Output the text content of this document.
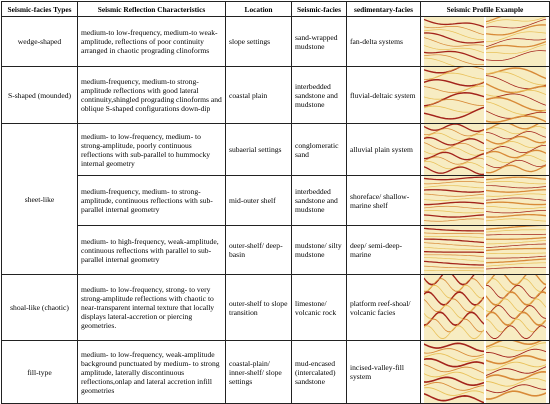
Seismic-facies Types	Seismic Reflection Characteristics	Location	Seismic-facies	sedimentary-facies	Seismic Profile Example
wedge-shaped	medium-to low-frequency, medium-to weak-amplitude, reflections of poor continuity arranged in chaotic prograding clinoforms	slope settings	sand-wrapped mudstone	fan-delta systems	

S-shaped (mounded)	medium-frequency, medium-to strong-amplitude reflections with good lateral continuity,shingled prograding clinoforms and oblique S-shaped configurations down-dip	coastal plain	interbedded sandstone and mudstone	fluvial-deltaic system	

sheet-like	medium- to low-frequency, medium- to strong-amplitude, poorly continuous reflections with sub-parallel to hummocky internal geometry	subaerial settings	conglomeratic sand	alluvial plain system	

	medium-frequency, medium- to strong-amplitude, continuous reflections with sub-parallel internal geometry	mid-outer shelf	interbedded sandstone and mudstone	shoreface/ shallow-marine shelf	

	medium- to high-frequency, weak-amplitude, continuous reflections with parallel to sub-parallel internal geometry	outer-shelf/ deep-basin	mudstone/ silty mudstone	deep/ semi-deep-marine	

shoal-like (chaotic)	medium- to low-frequency, strong- to very strong-amplitude reflections with chaotic to near-transparent internal texture that locally displays lateral-accretion or piercing geometries.	outer-shelf to slope transition	limestone/ volcanic rock	platform reef-shoal/ volcanic facies	

fill-type	medium- to low-frequency, weak-amplitude background punctuated by medium- to strong amplitude, laterally discontinuous reflections,onlap and lateral accretion infill geometries	coastal-plain/ inner-shelf/ slope settings	mud-encased (intercalated) sandstone	incised-valley-fill system	
